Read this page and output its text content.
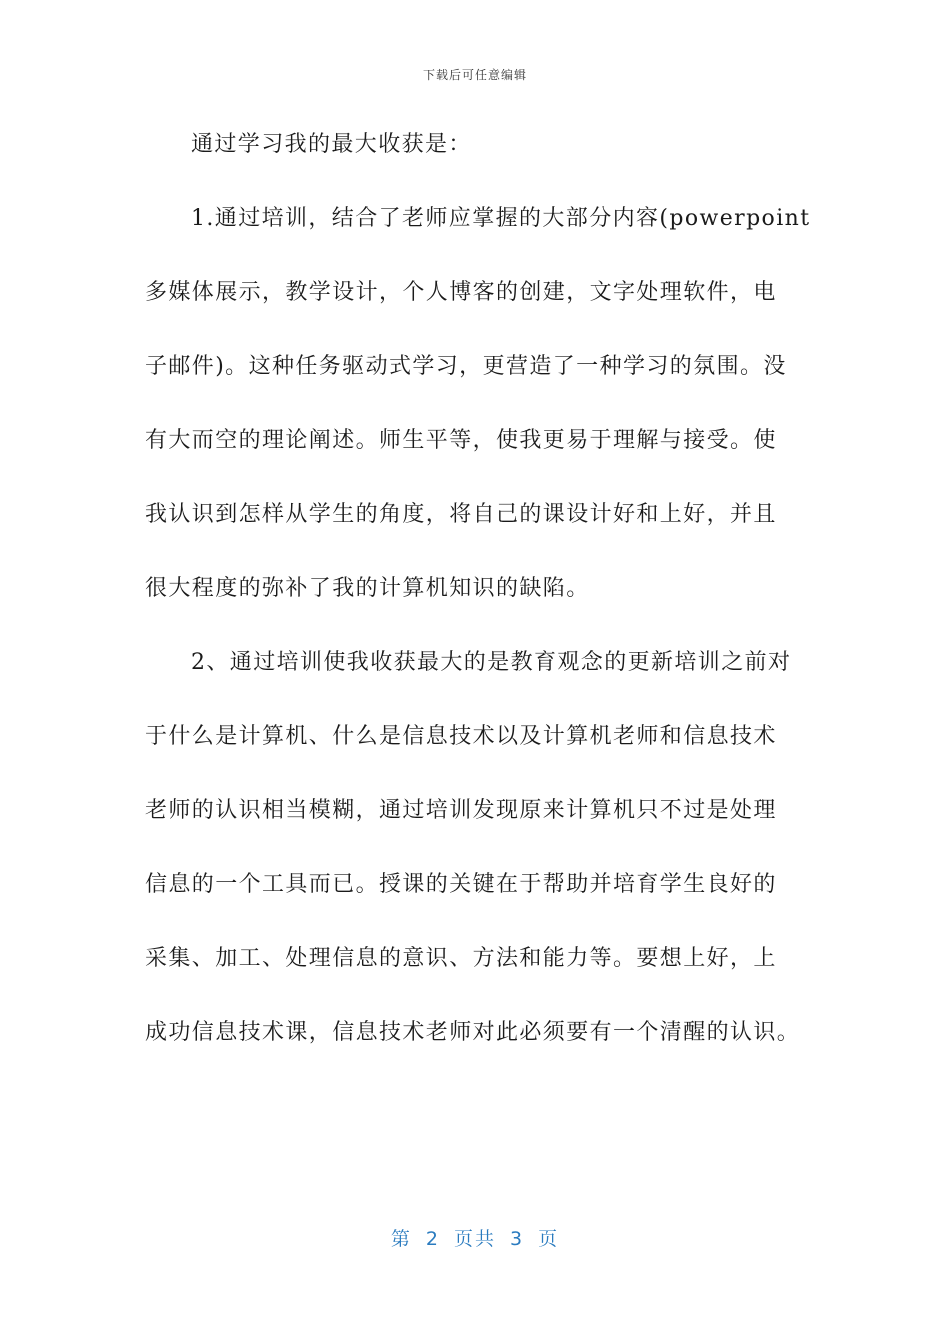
下载后可任意编辑
通过学习我的最大收获是：
1.通过培训，结合了老师应掌握的大部分内容(powerpoint
多媒体展示，教学设计，个人博客的创建，文字处理软件，电
子邮件)。这种任务驱动式学习，更营造了一种学习的氛围。没
有大而空的理论阐述。师生平等，使我更易于理解与接受。使
我认识到怎样从学生的角度，将自己的课设计好和上好，并且
很大程度的弥补了我的计算机知识的缺陷。
2、通过培训使我收获最大的是教育观念的更新培训之前对
于什么是计算机、什么是信息技术以及计算机老师和信息技术
老师的认识相当模糊，通过培训发现原来计算机只不过是处理
信息的一个工具而已。授课的关键在于帮助并培育学生良好的
采集、加工、处理信息的意识、方法和能力等。要想上好，上
成功信息技术课，信息技术老师对此必须要有一个清醒的认识。
第 2 页共 3 页
